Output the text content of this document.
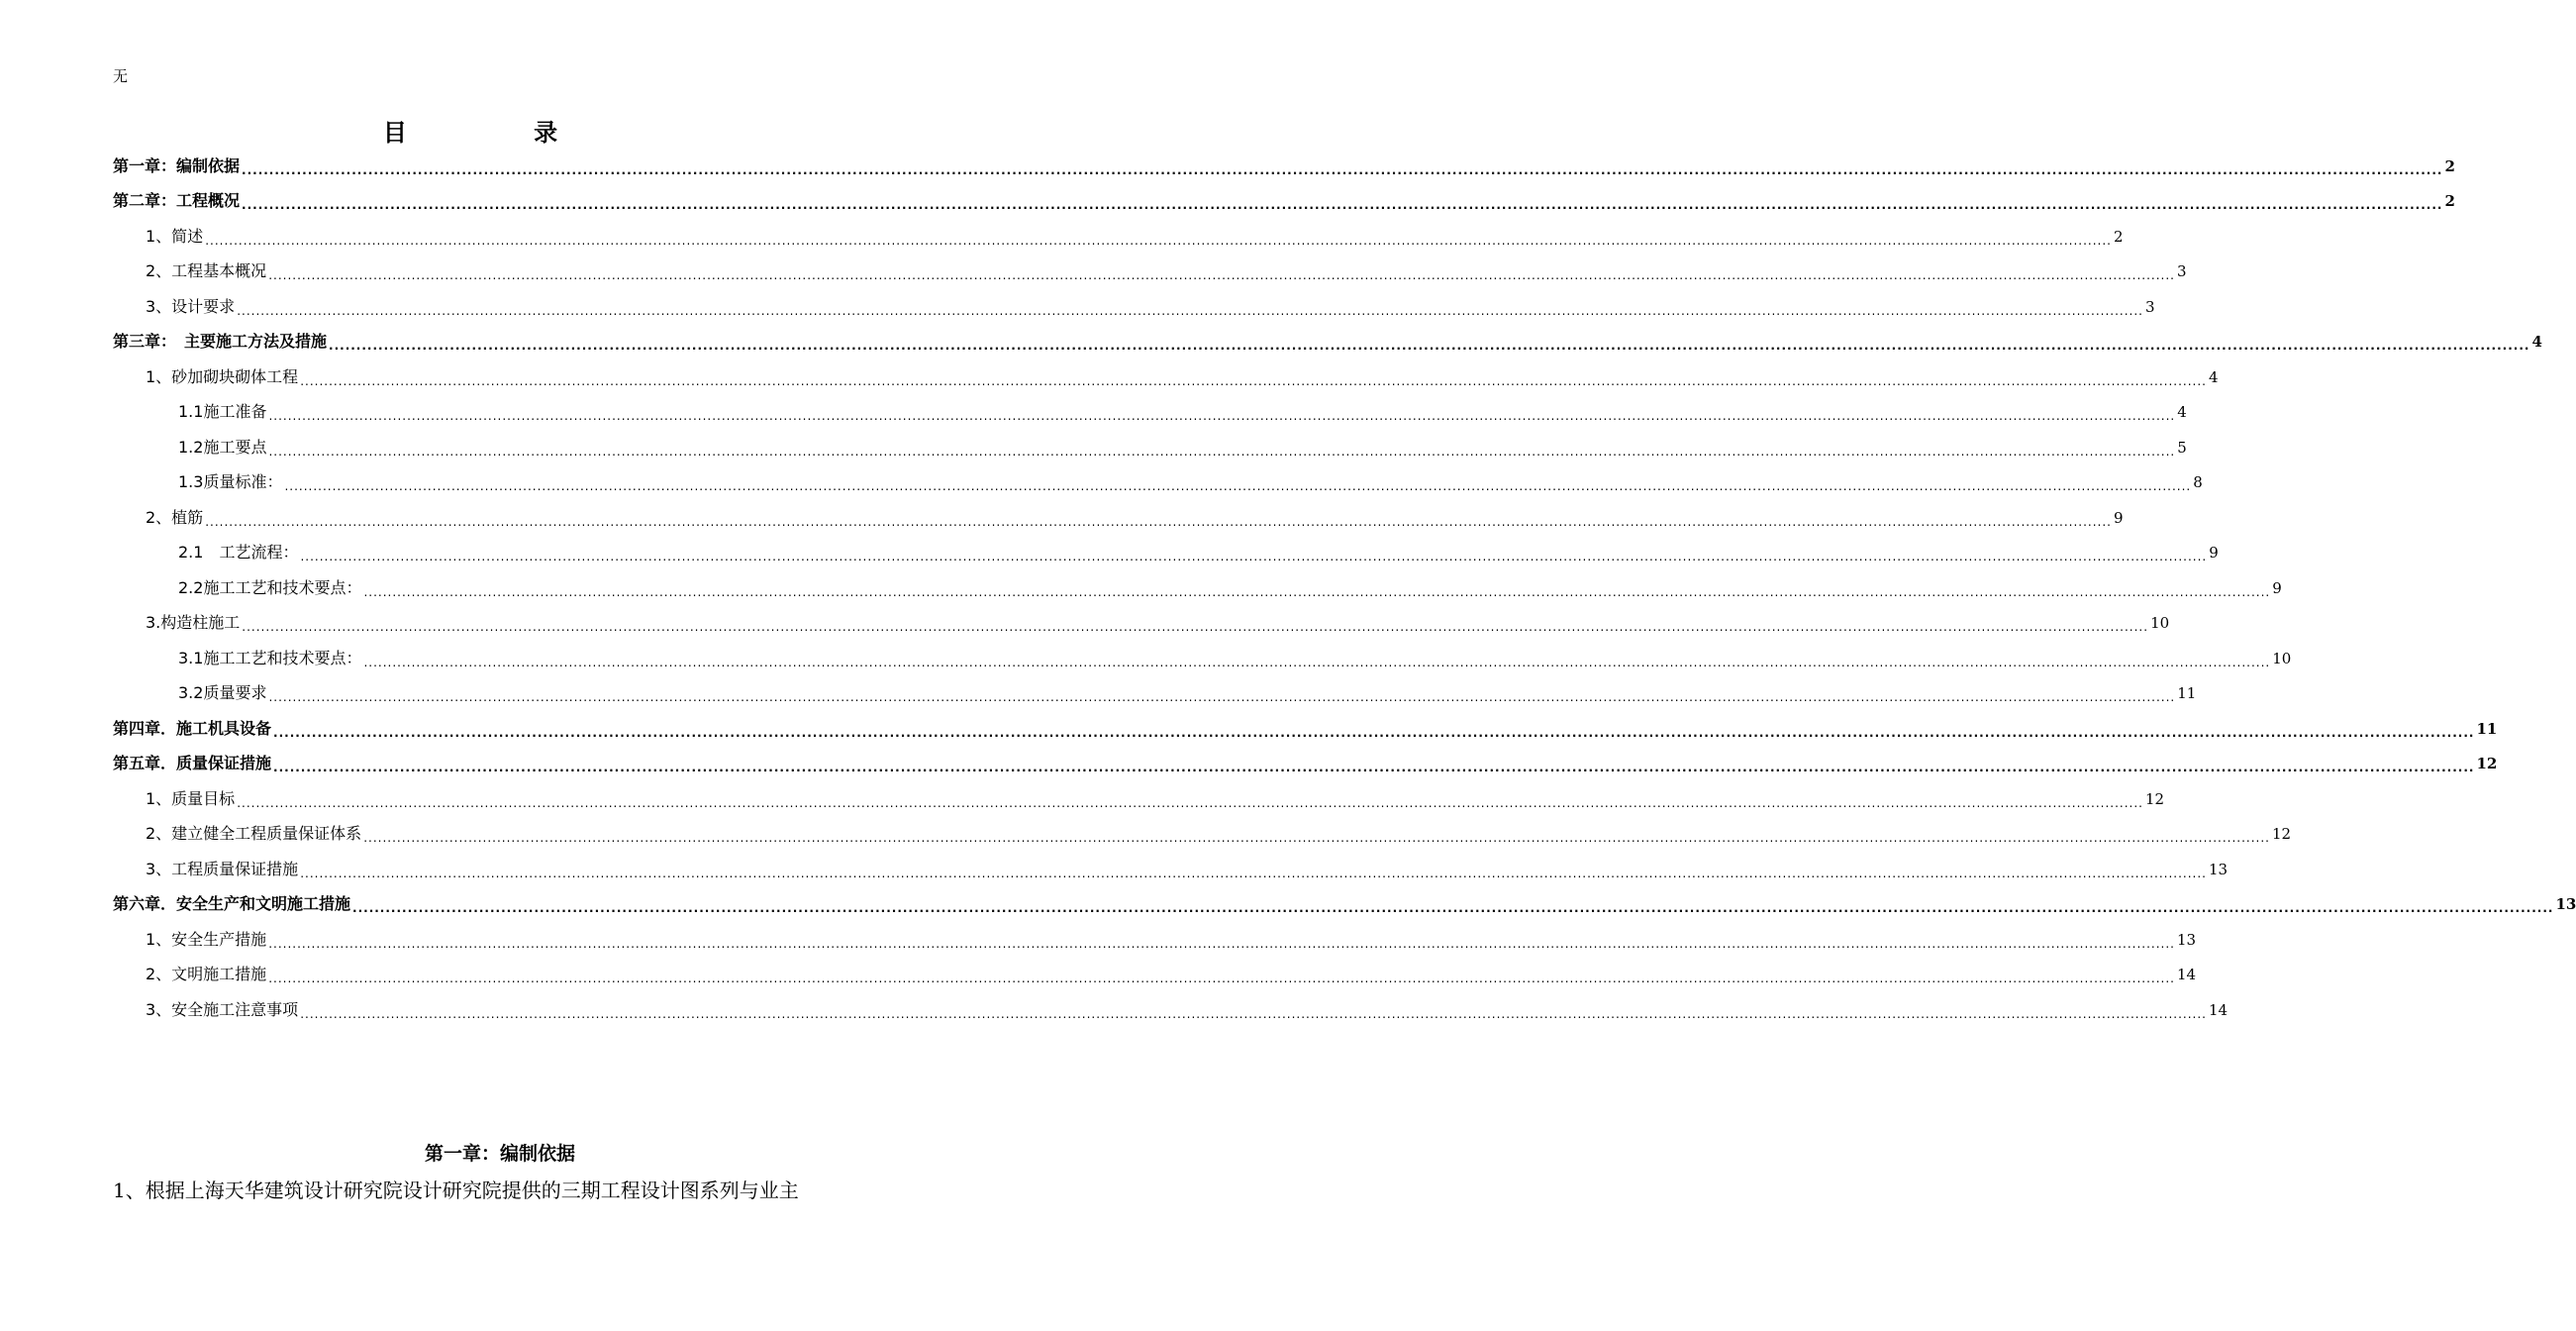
无
目 录
第一章：编制依据 ................................................................................................................................................................................................................................................................................................................................................................................................................ 2
第二章：工程概况 ................................................................................................................................................................................................................................................................................................................................................................................................................ 2
1、简述 ................................................................................................................................................................................................................................................................................................................................................................................................................ 2
2、工程基本概况 ................................................................................................................................................................................................................................................................................................................................................................................................................ 3
3、设计要求 ................................................................................................................................................................................................................................................................................................................................................................................................................ 3
第三章：　主要施工方法及措施 ................................................................................................................................................................................................................................................................................................................................................................................................................ 4
1、砂加砌块砌体工程 ................................................................................................................................................................................................................................................................................................................................................................................................................ 4
1.1施工准备 ................................................................................................................................................................................................................................................................................................................................................................................................................ 4
1.2施工要点 ................................................................................................................................................................................................................................................................................................................................................................................................................ 5
1.3质量标准： ................................................................................................................................................................................................................................................................................................................................................................................................................ 8
2、植筋 ................................................................................................................................................................................................................................................................................................................................................................................................................ 9
2.1　工艺流程： ................................................................................................................................................................................................................................................................................................................................................................................................................ 9
2.2施工工艺和技术要点： ................................................................................................................................................................................................................................................................................................................................................................................................................ 9
3.构造柱施工 ................................................................................................................................................................................................................................................................................................................................................................................................................ 10
3.1施工工艺和技术要点： ................................................................................................................................................................................................................................................................................................................................................................................................................ 10
3.2质量要求 ................................................................................................................................................................................................................................................................................................................................................................................................................ 11
第四章．施工机具设备 ................................................................................................................................................................................................................................................................................................................................................................................................................ 11
第五章．质量保证措施 ................................................................................................................................................................................................................................................................................................................................................................................................................ 12
1、质量目标 ................................................................................................................................................................................................................................................................................................................................................................................................................ 12
2、建立健全工程质量保证体系 ................................................................................................................................................................................................................................................................................................................................................................................................................ 12
3、工程质量保证措施 ................................................................................................................................................................................................................................................................................................................................................................................................................ 13
第六章．安全生产和文明施工措施 ................................................................................................................................................................................................................................................................................................................................................................................................................ 13
1、安全生产措施 ................................................................................................................................................................................................................................................................................................................................................................................................................ 13
2、文明施工措施 ................................................................................................................................................................................................................................................................................................................................................................................................................ 14
3、安全施工注意事项 ................................................................................................................................................................................................................................................................................................................................................................................................................ 14
第一章：编制依据
1、根据上海天华建筑设计研究院设计研究院提供的三期工程设计图系列与业主
